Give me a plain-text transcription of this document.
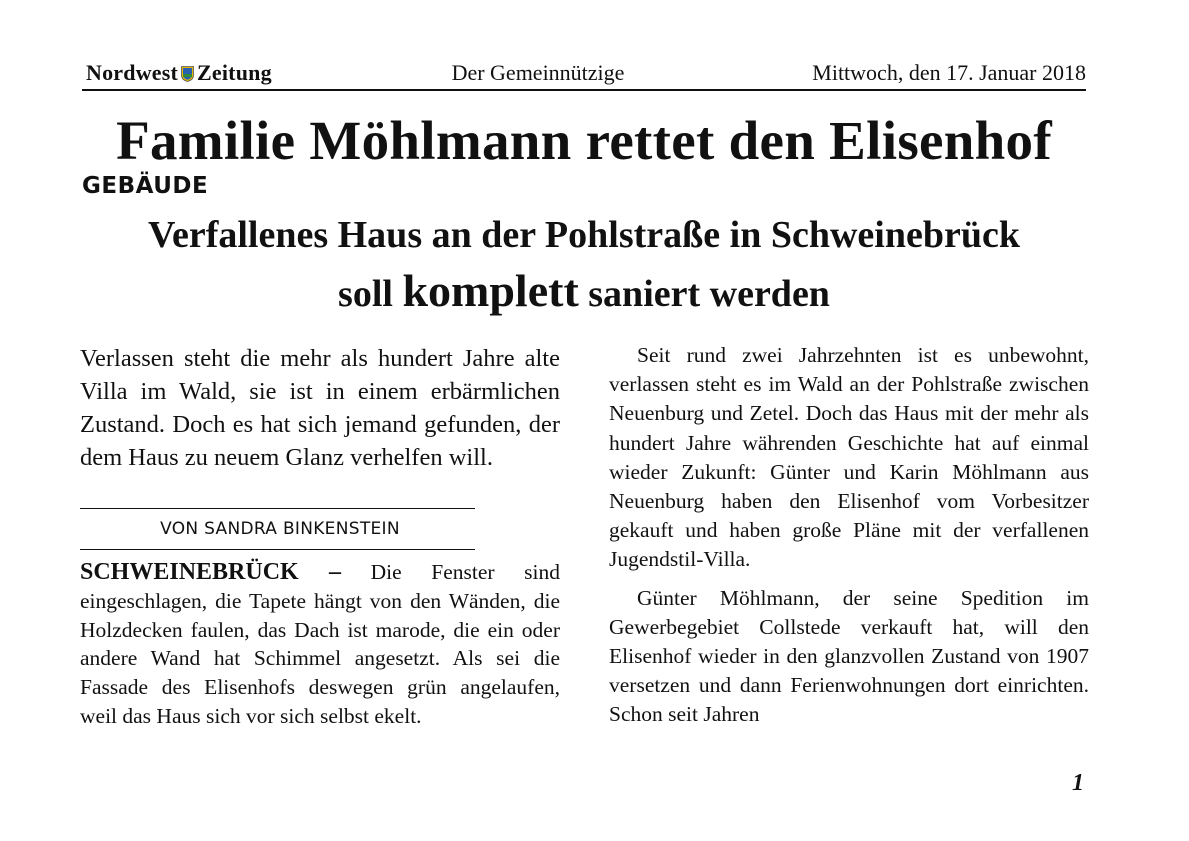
Nordwest Zeitung	Der Gemeinnützige	Mittwoch, den 17. Januar 2018
Familie Möhlmann rettet den Elisenhof
GEBÄUDE
Verfallenes Haus an der Pohlstraße in Schweinebrück
soll komplett saniert werden
Verlassen steht die mehr als hundert Jahre alte Villa im Wald, sie ist in einem erbärmlichen Zustand. Doch es hat sich jemand gefunden, der dem Haus zu neuem Glanz verhelfen will.
VON SANDRA BINKENSTEIN
SCHWEINEBRÜCK – Die Fenster sind eingeschlagen, die Tapete hängt von den Wänden, die Holzdecken faulen, das Dach ist marode, die ein oder andere Wand hat Schimmel angesetzt. Als sei die Fassade des Elisenhofs deswegen grün angelaufen, weil das Haus sich vor sich selbst ekelt.

Seit rund zwei Jahrzehnten ist es unbewohnt, verlassen steht es im Wald an der Pohlstraße zwischen Neuenburg und Zetel. Doch das Haus mit der mehr als hundert Jahre währenden Geschichte hat auf einmal wieder Zukunft: Günter und Karin Möhlmann aus Neuenburg haben den Elisenhof vom Vorbesitzer gekauft und haben große Pläne mit der verfallenen Jugendstil-Villa.

Günter Möhlmann, der seine Spedition im Gewerbegebiet Collstede verkauft hat, will den Elisenhof wieder in den glanzvollen Zustand von 1907 versetzen und dann Ferienwohnungen dort einrichten. Schon seit Jahren

1
